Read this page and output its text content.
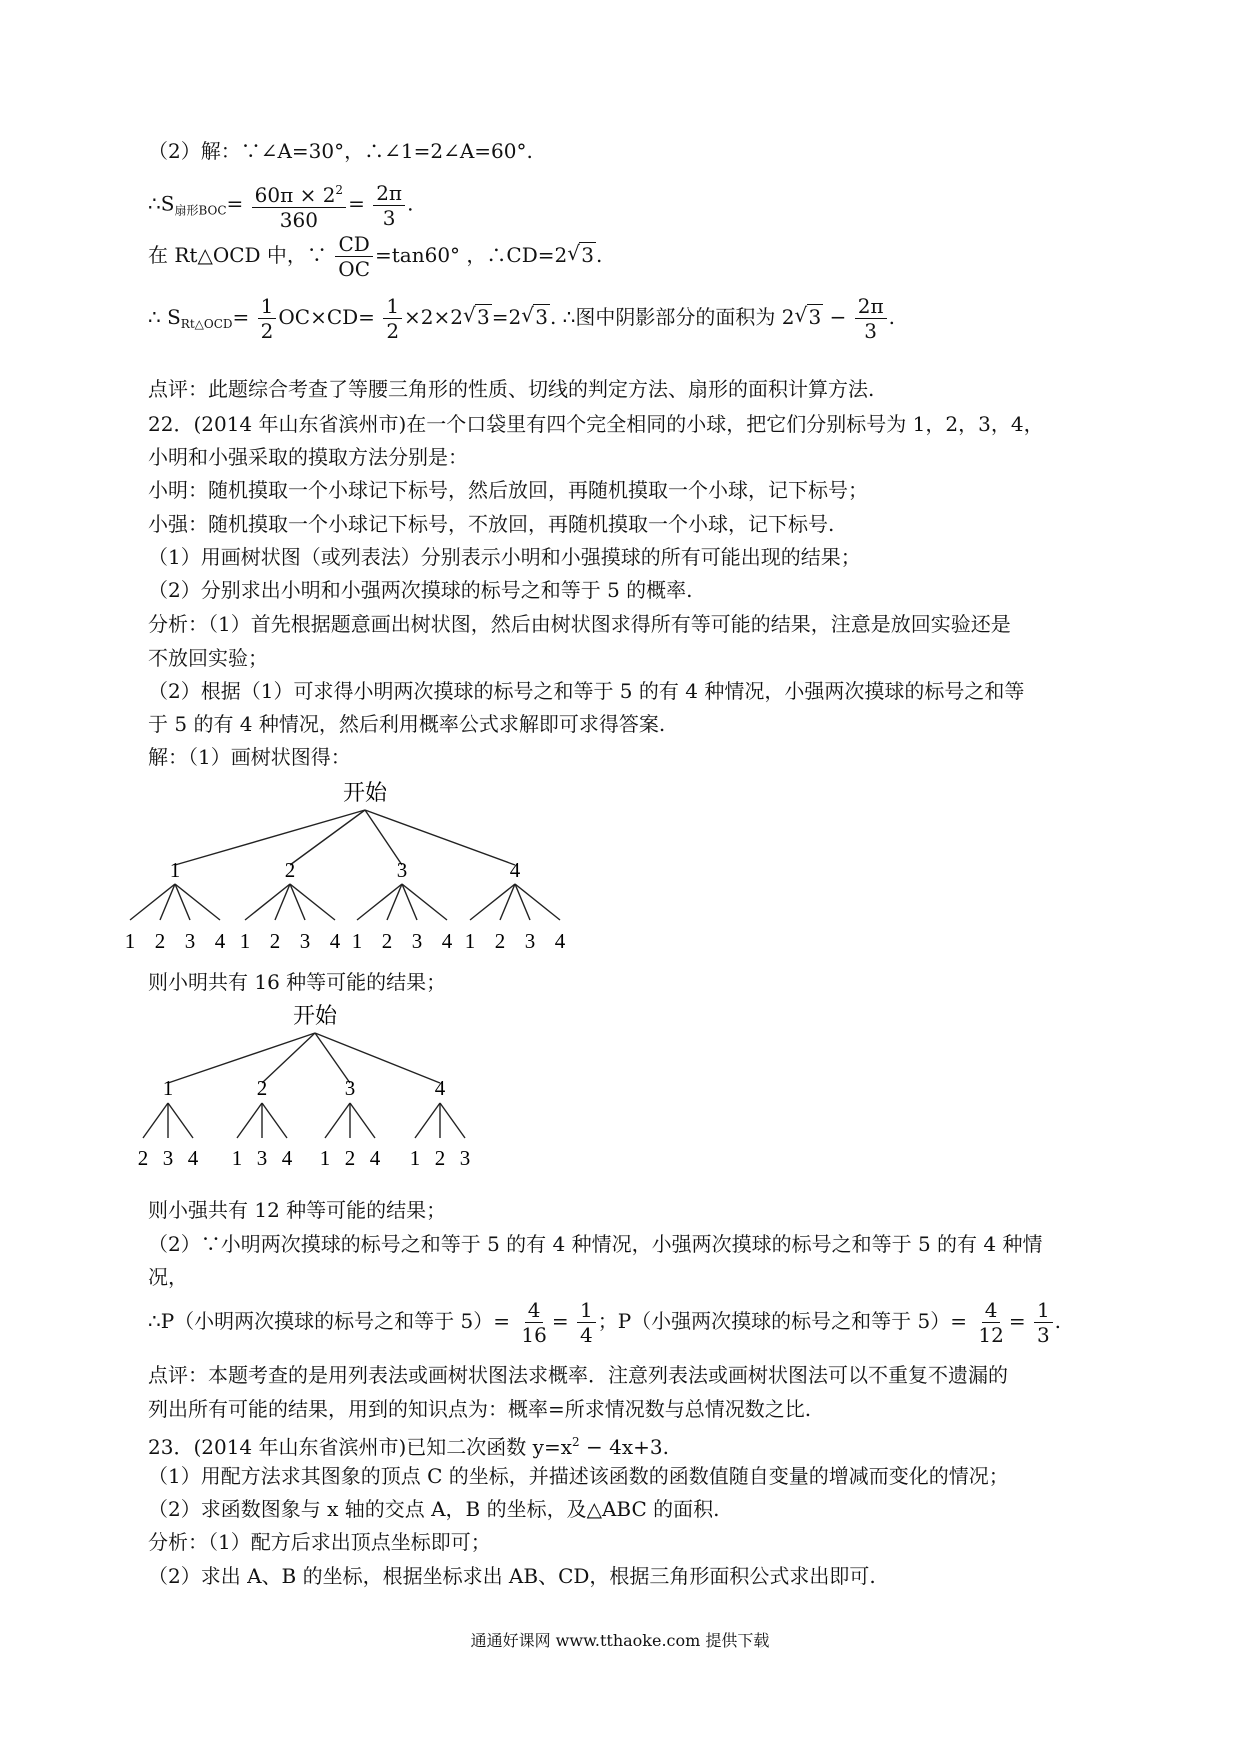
（2）解：∵∠A=30°，∴∠1=2∠A=60°.
$\therefore S_{扇形BOC}= \frac{60\pi \times 2^2}{360} = \frac{2\pi}{3}$ .
在 Rt△OCD 中，∵ $\frac{CD}{OC} =\tan 60^\circ$ ，∴CD=2 √ 3 .
∴ $S_{Rt\triangle OCD}= \frac{1}{2} OC\times CD= \frac{1}{2} \times 2\times 2$ √ 3 =2 √ 3 . ∴图中阴影部分的面积为 2 √ $3 - \frac{2\pi}{3}$ .
点评：此题综合考查了等腰三角形的性质、切线的判定方法、扇形的面积计算方法.
22．(2014 年山东省滨州市)在一个口袋里有四个完全相同的小球，把它们分别标号为 1，2，3，4，
小明和小强采取的摸取方法分别是：
小明：随机摸取一个小球记下标号，然后放回，再随机摸取一个小球，记下标号；
小强：随机摸取一个小球记下标号，不放回，再随机摸取一个小球，记下标号.
（1）用画树状图（或列表法）分别表示小明和小强摸球的所有可能出现的结果；
（2）分别求出小明和小强两次摸球的标号之和等于 5 的概率.
分析：（1）首先根据题意画出树状图，然后由树状图求得所有等可能的结果，注意是放回实验还是
不放回实验；
（2）根据（1）可求得小明两次摸球的标号之和等于 5 的有 4 种情况，小强两次摸球的标号之和等
于 5 的有 4 种情况，然后利用概率公式求解即可求得答案.
解：（1）画树状图得：
开始
1
1 2 3 4
2
1 2 3 4
3
1 2 3 4
4
1 2 3 4
则小明共有 16 种等可能的结果；
开始
1
2 3 4
2
1 3 4
3
1 2 4
4
1 2 3
则小强共有 12 种等可能的结果；
（2）∵小明两次摸球的标号之和等于 5 的有 4 种情况，小强两次摸球的标号之和等于 5 的有 4 种情
况，
∴P（小明两次摸球的标号之和等于 $5)= \frac{4}{16} = \frac{1}{4}$ ；P（小强两次摸球的标号之和等于 $5)= \frac{4}{12} = \frac{1}{3}$ .
点评：本题考查的是用列表法或画树状图法求概率．注意列表法或画树状图法可以不重复不遗漏的
列出所有可能的结果，用到的知识点为：概率=所求情况数与总情况数之比.
23．(2014 年山东省滨州市)已知二次函数 $y=x^2 - 4x+3$.
（1）用配方法求其图象的顶点 C 的坐标，并描述该函数的函数值随自变量的增减而变化的情况；
（2）求函数图象与 x 轴的交点 A，B 的坐标，及△ABC 的面积.
分析：（1）配方后求出顶点坐标即可；
（2）求出 A、B 的坐标，根据坐标求出 AB、CD，根据三角形面积公式求出即可.
通通好课网 www.tthaoke.com 提供下载
